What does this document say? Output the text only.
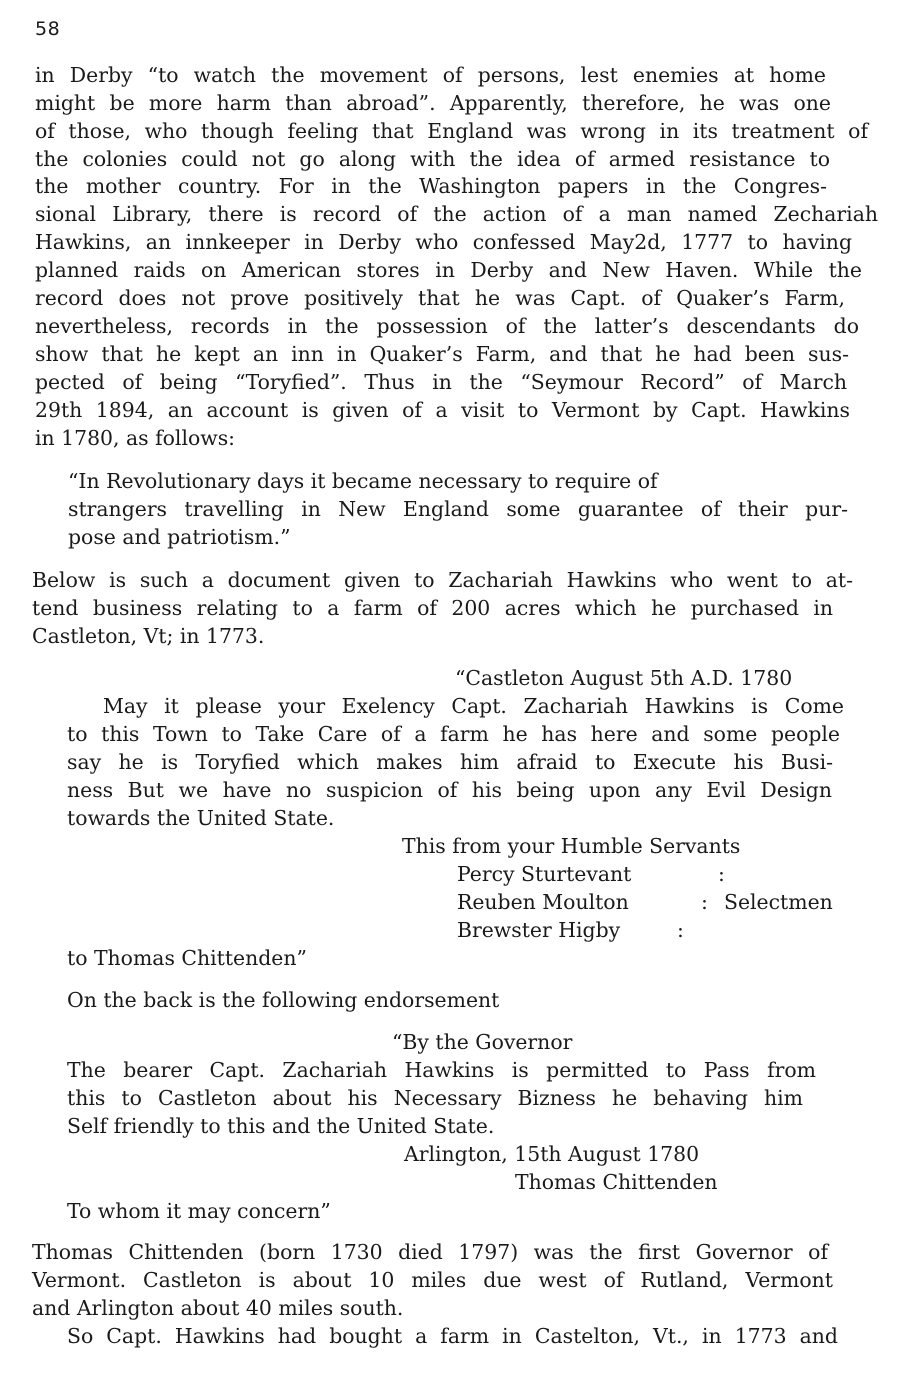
58
in Derby “to watch the movement of persons, lest enemies at home
might be more harm than abroad”. Apparently, therefore, he was one
of those, who though feeling that England was wrong in its treatment of
the colonies could not go along with the idea of armed resistance to
the mother country. For in the Washington papers in the Congres-
sional Library, there is record of the action of a man named Zechariah
Hawkins, an innkeeper in Derby who confessed May2d, 1777 to having
planned raids on American stores in Derby and New Haven. While the
record does not prove positively that he was Capt. of Quaker’s Farm,
nevertheless, records in the possession of the latter’s descendants do
show that he kept an inn in Quaker’s Farm, and that he had been sus-
pected of being “Toryfied”. Thus in the “Seymour Record” of March
29th 1894, an account is given of a visit to Vermont by Capt. Hawkins
in 1780, as follows:
“In Revolutionary days it became necessary to require of
strangers travelling in New England some guarantee of their pur-
pose and patriotism.”
Below is such a document given to Zachariah Hawkins who went to at-
tend business relating to a farm of 200 acres which he purchased in
Castleton, Vt; in 1773.
“Castleton August 5th A.D. 1780
May it please your Exelency Capt. Zachariah Hawkins is Come
to this Town to Take Care of a farm he has here and some people
say he is Toryfied which makes him afraid to Execute his Busi-
ness But we have no suspicion of his being upon any Evil Design
towards the United State.
This from your Humble Servants
Percy Sturtevant	:
Reuben Moulton	: Selectmen
Brewster Higby	:
to Thomas Chittenden”
On the back is the following endorsement
“By the Governor
The bearer Capt. Zachariah Hawkins is permitted to Pass from
this to Castleton about his Necessary Bizness he behaving him
Self friendly to this and the United State.
Arlington, 15th August 1780
Thomas Chittenden
To whom it may concern”
Thomas Chittenden (born 1730 died 1797) was the first Governor of
Vermont. Castleton is about 10 miles due west of Rutland, Vermont
and Arlington about 40 miles south.
So Capt. Hawkins had bought a farm in Castelton, Vt., in 1773 and
